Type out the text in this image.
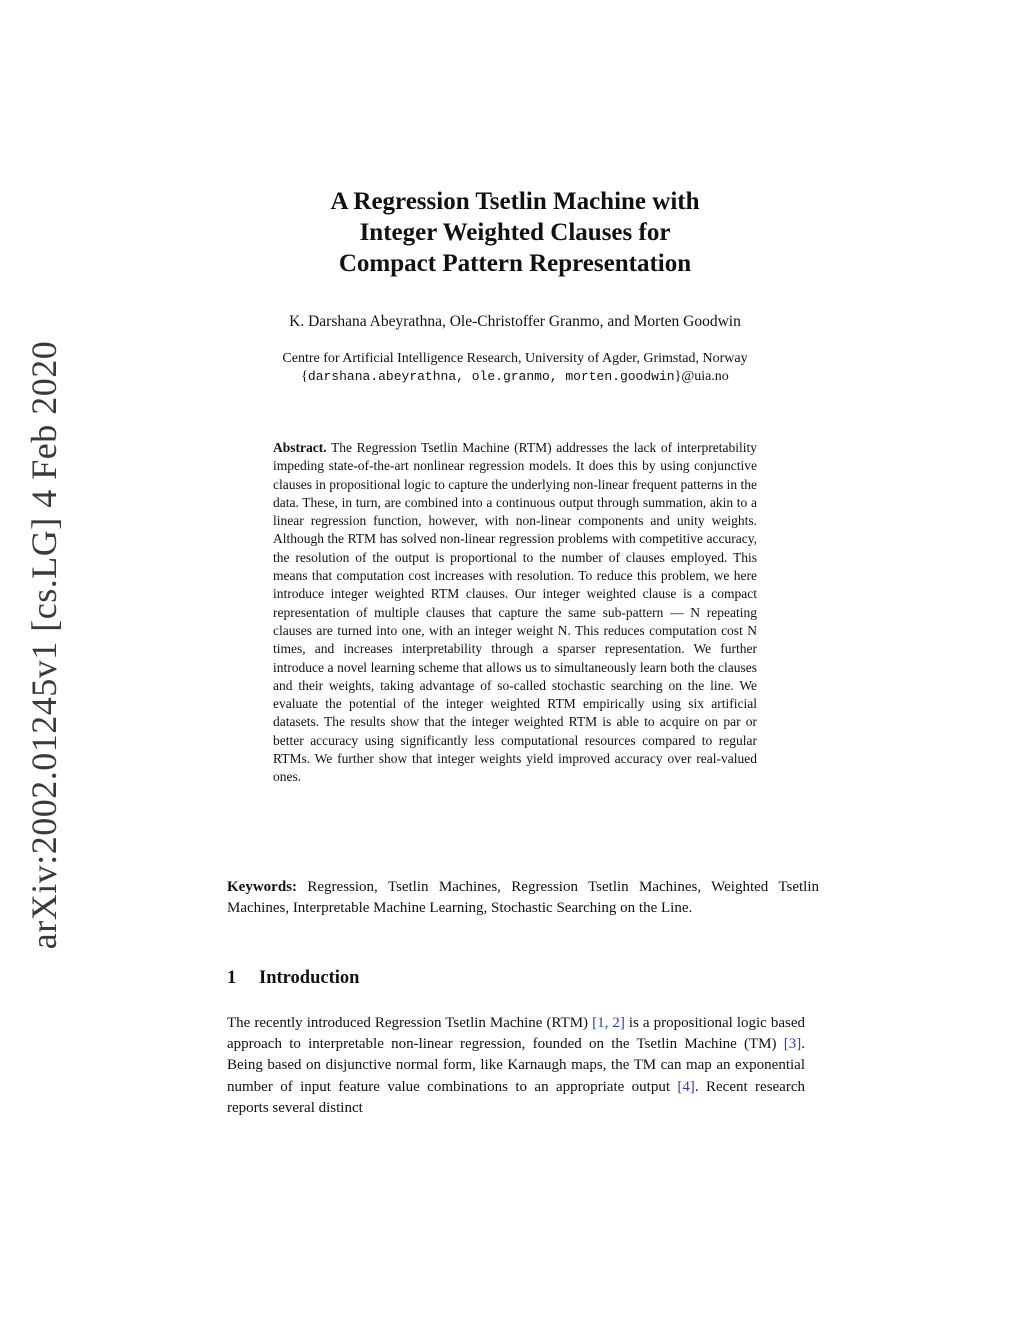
arXiv:2002.01245v1 [cs.LG] 4 Feb 2020
A Regression Tsetlin Machine with
Integer Weighted Clauses for
Compact Pattern Representation
K. Darshana Abeyrathna, Ole-Christoffer Granmo, and Morten Goodwin
Centre for Artificial Intelligence Research, University of Agder, Grimstad, Norway
{darshana.abeyrathna, ole.granmo, morten.goodwin}@uia.no
Abstract. The Regression Tsetlin Machine (RTM) addresses the lack of interpretability impeding state-of-the-art nonlinear regression models. It does this by using conjunctive clauses in propositional logic to capture the underlying non-linear frequent patterns in the data. These, in turn, are combined into a continuous output through summation, akin to a linear regression function, however, with non-linear components and unity weights. Although the RTM has solved non-linear regression problems with competitive accuracy, the resolution of the output is proportional to the number of clauses employed. This means that computation cost increases with resolution. To reduce this problem, we here introduce integer weighted RTM clauses. Our integer weighted clause is a compact representation of multiple clauses that capture the same sub-pattern — N repeating clauses are turned into one, with an integer weight N. This reduces computation cost N times, and increases interpretability through a sparser representation. We further introduce a novel learning scheme that allows us to simultaneously learn both the clauses and their weights, taking advantage of so-called stochastic searching on the line. We evaluate the potential of the integer weighted RTM empirically using six artificial datasets. The results show that the integer weighted RTM is able to acquire on par or better accuracy using significantly less computational resources compared to regular RTMs. We further show that integer weights yield improved accuracy over real-valued ones.
Keywords: Regression, Tsetlin Machines, Regression Tsetlin Machines, Weighted Tsetlin Machines, Interpretable Machine Learning, Stochastic Searching on the Line.
1 Introduction
The recently introduced Regression Tsetlin Machine (RTM) [1, 2] is a propositional logic based approach to interpretable non-linear regression, founded on the Tsetlin Machine (TM) [3]. Being based on disjunctive normal form, like Karnaugh maps, the TM can map an exponential number of input feature value combinations to an appropriate output [4]. Recent research reports several distinct
